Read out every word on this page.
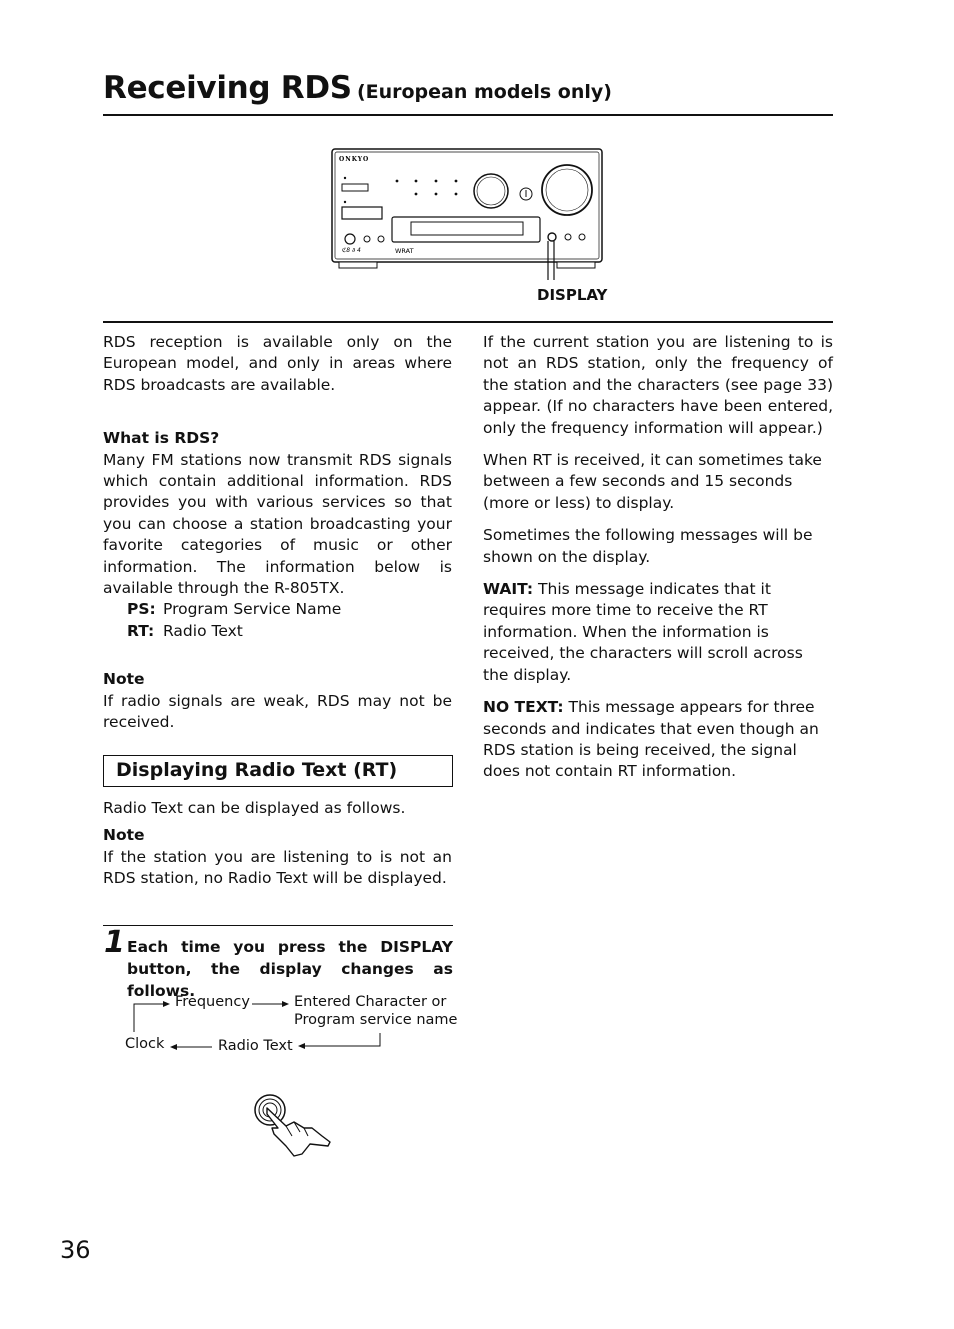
Receiving RDS (European models only)
ONKYO
ℭ8 ∂ 4	WRAT
DISPLAY

RDS reception is available only on the European model, and only in areas where RDS broadcasts are available.

What is RDS?

Many FM stations now transmit RDS signals which contain additional information. RDS provides you with various services so that you can choose a station broadcasting your favorite categories of music or other information. The information below is available through the R-805TX.

PS: Program Service Name
RT: Radio Text

Note

If radio signals are weak, RDS may not be received.

Displaying Radio Text (RT)

Radio Text can be displayed as follows.

Note

If the station you are listening to is not an RDS station, no Radio Text will be displayed.

1 Each time you press the DISPLAY button, the display changes as follows.
Frequency	Entered Character or
Program service name
Radio Text
Clock

If the current station you are listening to is not an RDS station, only the frequency of the station and the characters (see page 33) appear. (If no characters have been entered, only the frequency information will appear.)

When RT is received, it can sometimes take between a few seconds and 15 seconds (more or less) to display.

Sometimes the following messages will be shown on the display.

WAIT: This message indicates that it requires more time to receive the RT information. When the information is received, the characters will scroll across the display.

NO TEXT: This message appears for three seconds and indicates that even though an RDS station is being received, the signal does not contain RT information.

36
